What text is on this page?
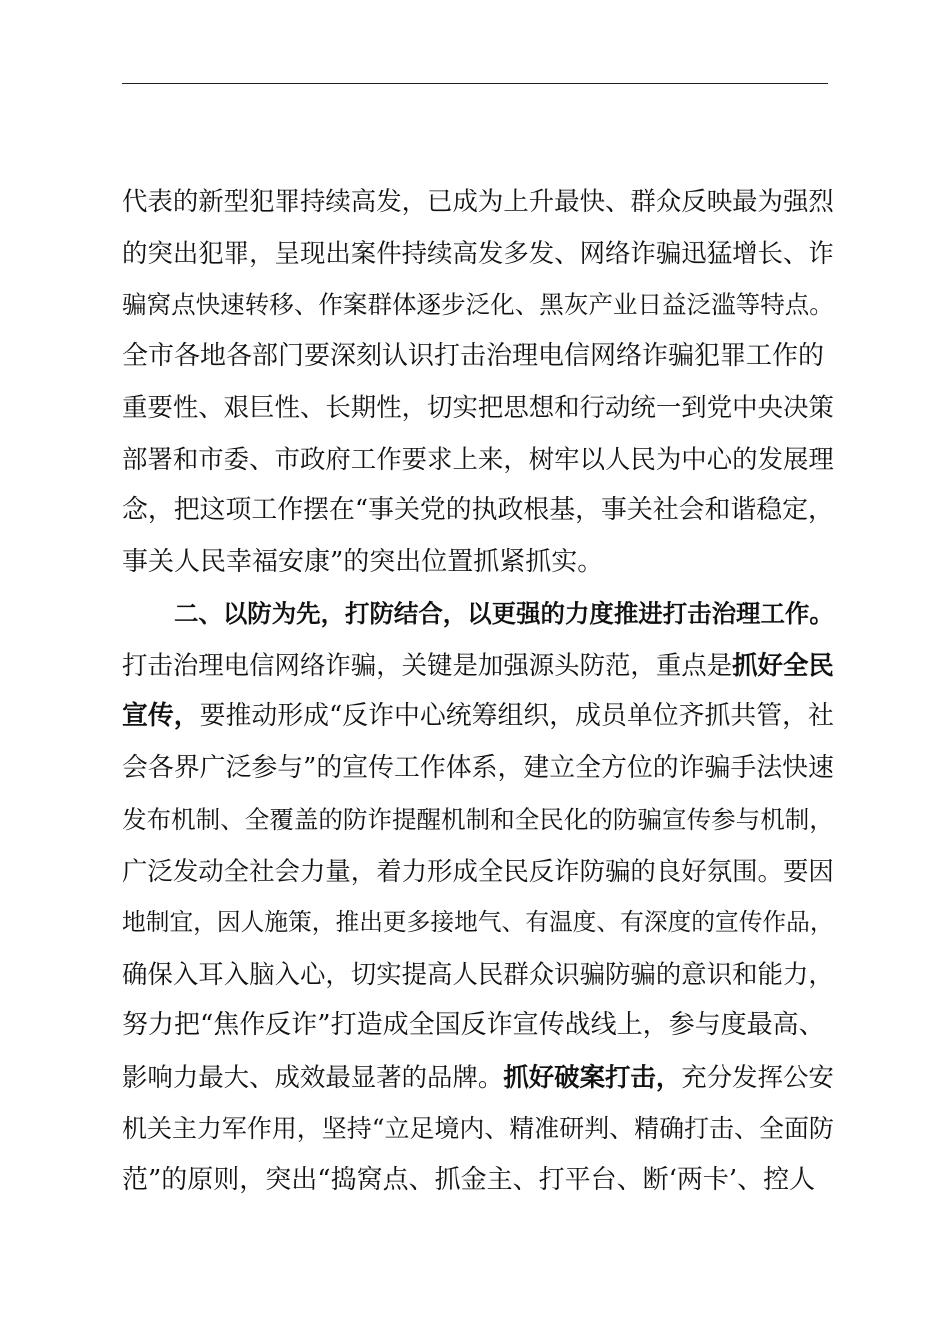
代表的新型犯罪持续高发，已成为上升最快、群众反映最为强烈
的突出犯罪，呈现出案件持续高发多发、网络诈骗迅猛增长、诈
骗窝点快速转移、作案群体逐步泛化、黑灰产业日益泛滥等特点。
全市各地各部门要深刻认识打击治理电信网络诈骗犯罪工作的
重要性、艰巨性、长期性，切实把思想和行动统一到党中央决策
部署和市委、市政府工作要求上来，树牢以人民为中心的发展理
念，把这项工作摆在“事关党的执政根基，事关社会和谐稳定，
事关人民幸福安康”的突出位置抓紧抓实。
二、以防为先，打防结合，以更强的力度推进打击治理工作。
打击治理电信网络诈骗，关键是加强源头防范，重点是抓好全民
宣传，要推动形成“反诈中心统筹组织，成员单位齐抓共管，社
会各界广泛参与”的宣传工作体系，建立全方位的诈骗手法快速
发布机制、全覆盖的防诈提醒机制和全民化的防骗宣传参与机制，
广泛发动全社会力量，着力形成全民反诈防骗的良好氛围。要因
地制宜，因人施策，推出更多接地气、有温度、有深度的宣传作品，
确保入耳入脑入心，切实提高人民群众识骗防骗的意识和能力，
努力把“焦作反诈”打造成全国反诈宣传战线上，参与度最高、
影响力最大、成效最显著的品牌。抓好破案打击，充分发挥公安
机关主力军作用，坚持“立足境内、精准研判、精确打击、全面防
范”的原则，突出“捣窝点、抓金主、打平台、断‘两卡’、控人
